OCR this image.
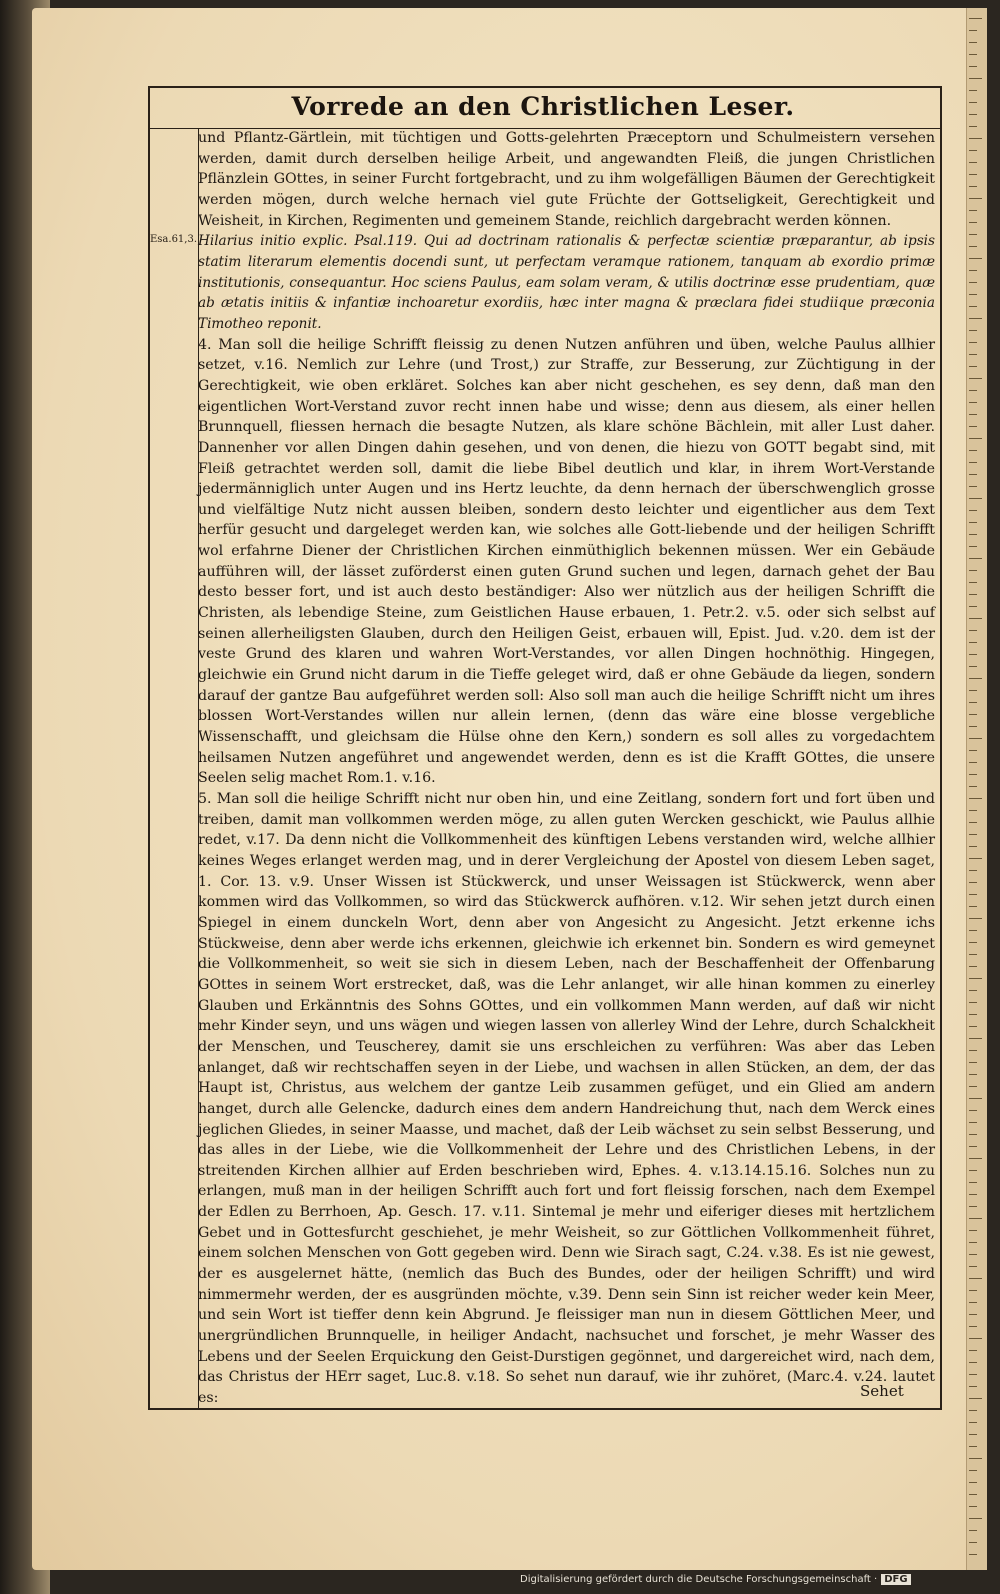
Vorrede an den Christlichen Leser.
Esa.61,3.

und Pflantz-Gärtlein, mit tüchtigen und Gotts-gelehrten Præceptorn und Schulmeistern versehen werden, damit durch derselben heilige Arbeit, und angewandten Fleiß, die jungen Christlichen Pflänzlein GOttes, in seiner Furcht fortgebracht, und zu ihm wolgefälligen Bäumen der Gerechtigkeit werden mögen, durch welche hernach viel gute Früchte der Gottseligkeit, Gerechtigkeit und Weisheit, in Kirchen, Regimenten und gemeinem Stande, reichlich dargebracht werden können.

Hilarius initio explic. Psal.119. Qui ad doctrinam rationalis & perfectæ scientiæ præparantur, ab ipsis statim literarum elementis docendi sunt, ut perfectam veramque rationem, tanquam ab exordio primæ institutionis, consequantur. Hoc sciens Paulus, eam solam veram, & utilis doctrinæ esse prudentiam, quæ ab ætatis initiis & infantiæ inchoaretur exordiis, hæc inter magna & præclara fidei studiique præconia Timotheo reponit.

4. Man soll die heilige Schrifft fleissig zu denen Nutzen anführen und üben, welche Paulus allhier setzet, v.16. Nemlich zur Lehre (und Trost,) zur Straffe, zur Besserung, zur Züchtigung in der Gerechtigkeit, wie oben erkläret. Solches kan aber nicht geschehen, es sey denn, daß man den eigentlichen Wort-Verstand zuvor recht innen habe und wisse; denn aus diesem, als einer hellen Brunnquell, fliessen hernach die besagte Nutzen, als klare schöne Bächlein, mit aller Lust daher. Dannenher vor allen Dingen dahin gesehen, und von denen, die hiezu von GOTT begabt sind, mit Fleiß getrachtet werden soll, damit die liebe Bibel deutlich und klar, in ihrem Wort-Verstande jedermänniglich unter Augen und ins Hertz leuchte, da denn hernach der überschwenglich grosse und vielfältige Nutz nicht aussen bleiben, sondern desto leichter und eigentlicher aus dem Text herfür gesucht und dargeleget werden kan, wie solches alle Gott-liebende und der heiligen Schrifft wol erfahrne Diener der Christlichen Kirchen einmüthiglich bekennen müssen. Wer ein Gebäude aufführen will, der lässet zuförderst einen guten Grund suchen und legen, darnach gehet der Bau desto besser fort, und ist auch desto beständiger: Also wer nützlich aus der heiligen Schrifft die Christen, als lebendige Steine, zum Geistlichen Hause erbauen, 1. Petr.2. v.5. oder sich selbst auf seinen allerheiligsten Glauben, durch den Heiligen Geist, erbauen will, Epist. Jud. v.20. dem ist der veste Grund des klaren und wahren Wort-Verstandes, vor allen Dingen hochnöthig. Hingegen, gleichwie ein Grund nicht darum in die Tieffe geleget wird, daß er ohne Gebäude da liegen, sondern darauf der gantze Bau aufgeführet werden soll: Also soll man auch die heilige Schrifft nicht um ihres blossen Wort-Verstandes willen nur allein lernen, (denn das wäre eine blosse vergebliche Wissenschafft, und gleichsam die Hülse ohne den Kern,) sondern es soll alles zu vorgedachtem heilsamen Nutzen angeführet und angewendet werden, denn es ist die Krafft GOttes, die unsere Seelen selig machet Rom.1. v.16.

5. Man soll die heilige Schrifft nicht nur oben hin, und eine Zeitlang, sondern fort und fort üben und treiben, damit man vollkommen werden möge, zu allen guten Wercken geschickt, wie Paulus allhie redet, v.17. Da denn nicht die Vollkommenheit des künftigen Lebens verstanden wird, welche allhier keines Weges erlanget werden mag, und in derer Vergleichung der Apostel von diesem Leben saget, 1. Cor. 13. v.9. Unser Wissen ist Stückwerck, und unser Weissagen ist Stückwerck, wenn aber kommen wird das Vollkommen, so wird das Stückwerck aufhören. v.12. Wir sehen jetzt durch einen Spiegel in einem dunckeln Wort, denn aber von Angesicht zu Angesicht. Jetzt erkenne ichs Stückweise, denn aber werde ichs erkennen, gleichwie ich erkennet bin. Sondern es wird gemeynet die Vollkommenheit, so weit sie sich in diesem Leben, nach der Beschaffenheit der Offenbarung GOttes in seinem Wort erstrecket, daß, was die Lehr anlanget, wir alle hinan kommen zu einerley Glauben und Erkänntnis des Sohns GOttes, und ein vollkommen Mann werden, auf daß wir nicht mehr Kinder seyn, und uns wägen und wiegen lassen von allerley Wind der Lehre, durch Schalckheit der Menschen, und Teuscherey, damit sie uns erschleichen zu verführen: Was aber das Leben anlanget, daß wir rechtschaffen seyen in der Liebe, und wachsen in allen Stücken, an dem, der das Haupt ist, Christus, aus welchem der gantze Leib zusammen gefüget, und ein Glied am andern hanget, durch alle Gelencke, dadurch eines dem andern Handreichung thut, nach dem Werck eines jeglichen Gliedes, in seiner Maasse, und machet, daß der Leib wächset zu sein selbst Besserung, und das alles in der Liebe, wie die Vollkommenheit der Lehre und des Christlichen Lebens, in der streitenden Kirchen allhier auf Erden beschrieben wird, Ephes. 4. v.13.14.15.16. Solches nun zu erlangen, muß man in der heiligen Schrifft auch fort und fort fleissig forschen, nach dem Exempel der Edlen zu Berrhoen, Ap. Gesch. 17. v.11. Sintemal je mehr und eiferiger dieses mit hertzlichem Gebet und in Gottesfurcht geschiehet, je mehr Weisheit, so zur Göttlichen Vollkommenheit führet, einem solchen Menschen von Gott gegeben wird. Denn wie Sirach sagt, C.24. v.38. Es ist nie gewest, der es ausgelernet hätte, (nemlich das Buch des Bundes, oder der heiligen Schrifft) und wird nimmermehr werden, der es ausgründen möchte, v.39. Denn sein Sinn ist reicher weder kein Meer, und sein Wort ist tieffer denn kein Abgrund. Je fleissiger man nun in diesem Göttlichen Meer, und unergründlichen Brunnquelle, in heiliger Andacht, nachsuchet und forschet, je mehr Wasser des Lebens und der Seelen Erquickung den Geist-Durstigen gegönnet, und dargereichet wird, nach dem, das Christus der HErr saget, Luc.8. v.18. So sehet nun darauf, wie ihr zuhöret, (Marc.4. v.24. lautet es:	Sehet
Digitalisierung gefördert durch die Deutsche Forschungsgemeinschaft · DFG
